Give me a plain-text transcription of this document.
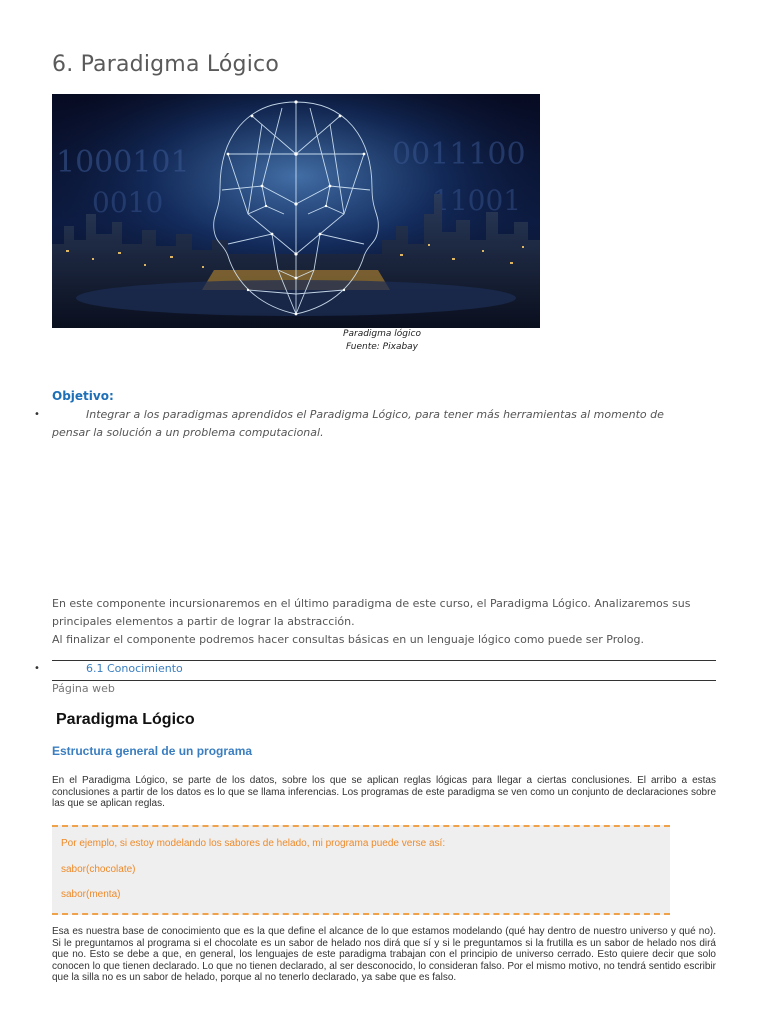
6. Paradigma Lógico
1000101
0010
0011100
11001
Paradigma lógico
Fuente: Pixabay
Objetivo:
•	Integrar a los paradigmas aprendidos el Paradigma Lógico, para tener más herramientas al momento de pensar la solución a un problema computacional.

En este componente incursionaremos en el último paradigma de este curso, el Paradigma Lógico. Analizaremos sus principales elementos a partir de lograr la abstracción.

Al finalizar el componente podremos hacer consultas básicas en un lenguaje lógico como puede ser Prolog.

•	6.1 Conocimiento
Página web
Paradigma Lógico
Estructura general de un programa
En el Paradigma Lógico, se parte de los datos, sobre los que se aplican reglas lógicas para llegar a ciertas conclusiones. El arribo a estas conclusiones a partir de los datos es lo que se llama inferencias. Los programas de este paradigma se ven como un conjunto de declaraciones sobre las que se aplican reglas.
Por ejemplo, si estoy modelando los sabores de helado, mi programa puede verse así:
sabor(chocolate)
sabor(menta)
Esa es nuestra base de conocimiento que es la que define el alcance de lo que estamos modelando (qué hay dentro de nuestro universo y qué no). Si le preguntamos al programa si el chocolate es un sabor de helado nos dirá que sí y si le preguntamos si la frutilla es un sabor de helado nos dirá que no. Esto se debe a que, en general, los lenguajes de este paradigma trabajan con el principio de universo cerrado. Esto quiere decir que solo conocen lo que tienen declarado. Lo que no tienen declarado, al ser desconocido, lo consideran falso. Por el mismo motivo, no tendrá sentido escribir que la silla no es un sabor de helado, porque al no tenerlo declarado, ya sabe que es falso.
